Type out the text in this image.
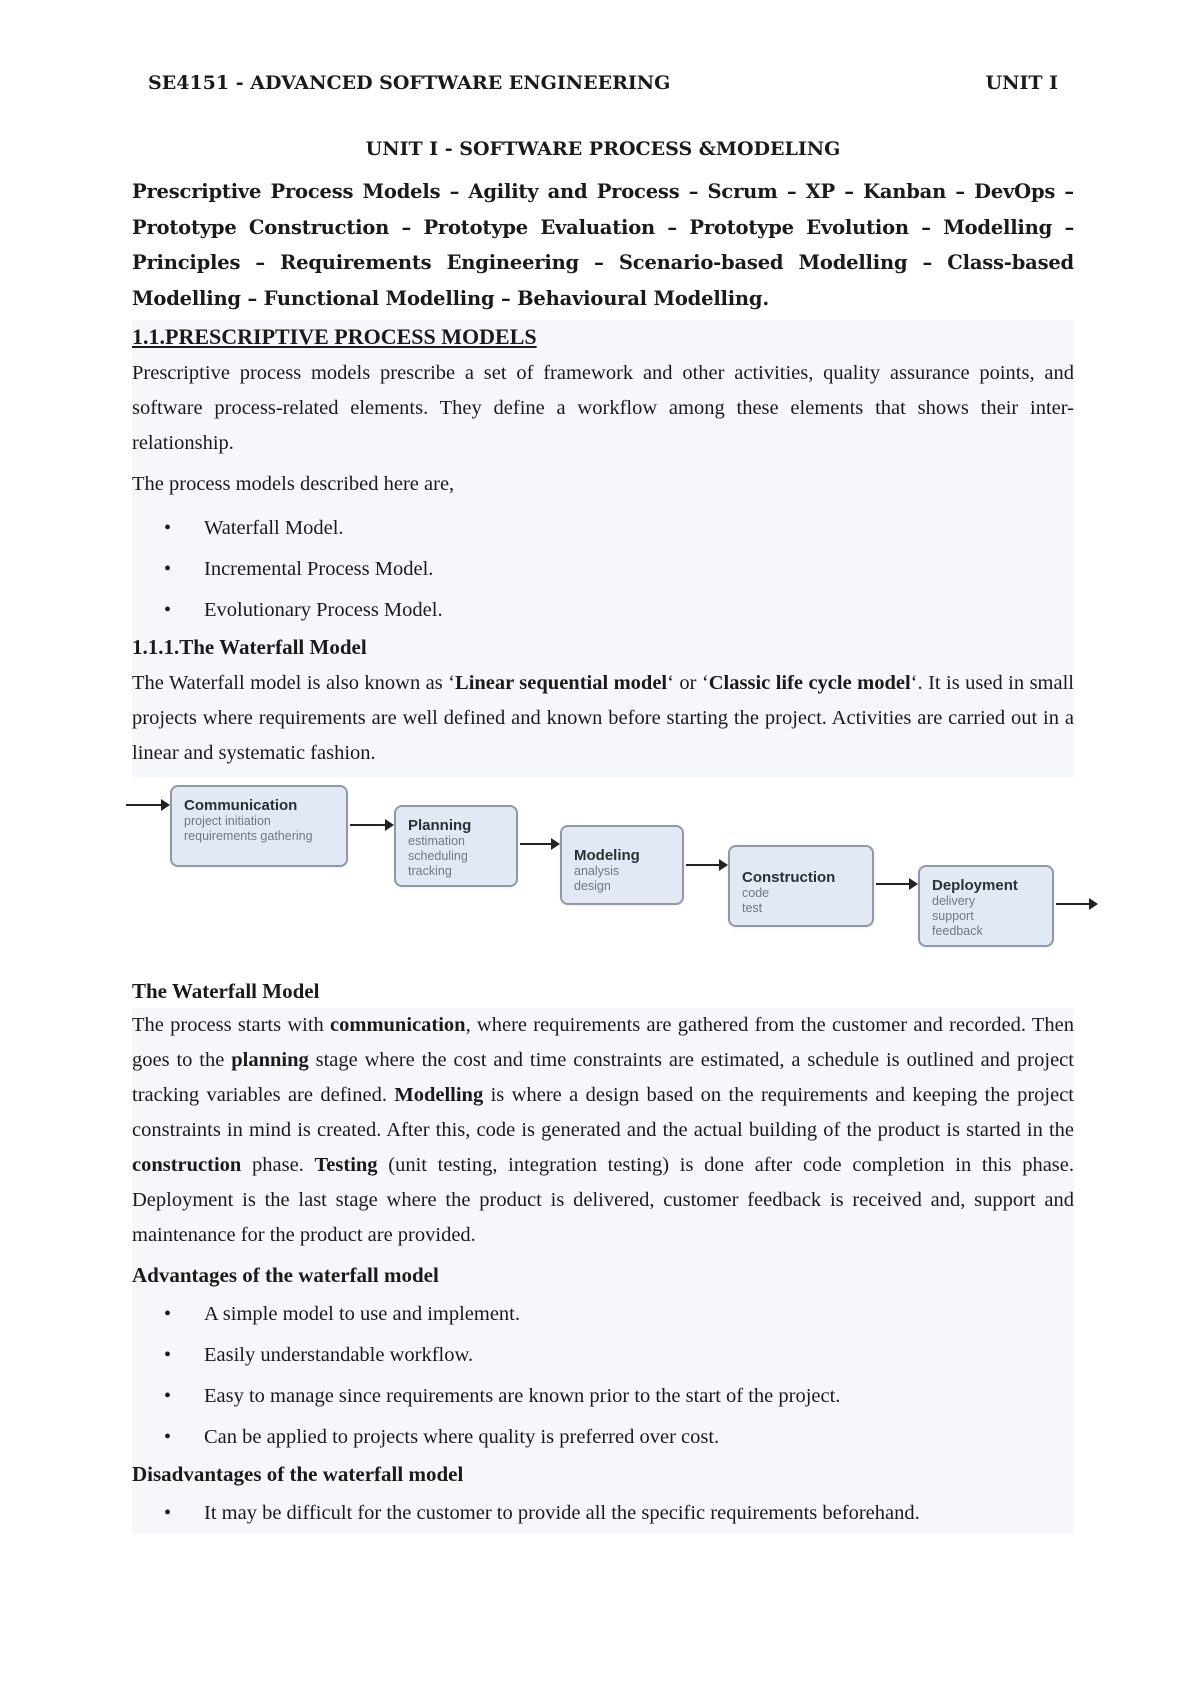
SE4151 - ADVANCED SOFTWARE ENGINEERING	UNIT I
UNIT I - SOFTWARE PROCESS &MODELING
Prescriptive Process Models – Agility and Process – Scrum – XP – Kanban – DevOps – Prototype Construction – Prototype Evaluation – Prototype Evolution – Modelling – Principles – Requirements Engineering – Scenario-based Modelling – Class-based Modelling – Functional Modelling – Behavioural Modelling.
1.1.PRESCRIPTIVE PROCESS MODELS

Prescriptive process models prescribe a set of framework and other activities, quality assurance points, and software process-related elements. They define a workflow among these elements that shows their inter-relationship.

The process models described here are,

• Waterfall Model.
• Incremental Process Model.
• Evolutionary Process Model.
1.1.1.The Waterfall Model

The Waterfall model is also known as ‘Linear sequential model‘ or ‘Classic life cycle model‘. It is used in small projects where requirements are well defined and known before starting the project. Activities are carried out in a linear and systematic fashion.

Communication
project initiation
requirements gathering
Planning
estimation
scheduling
tracking
Modeling
analysis
design	Construction
code
test
Deployment
delivery
support
feedback
The Waterfall Model

The process starts with communication, where requirements are gathered from the customer and recorded. Then goes to the planning stage where the cost and time constraints are estimated, a schedule is outlined and project tracking variables are defined. Modelling is where a design based on the requirements and keeping the project constraints in mind is created. After this, code is generated and the actual building of the product is started in the construction phase. Testing (unit testing, integration testing) is done after code completion in this phase. Deployment is the last stage where the product is delivered, customer feedback is received and, support and maintenance for the product are provided.

Advantages of the waterfall model
• A simple model to use and implement.
• Easily understandable workflow.
• Easy to manage since requirements are known prior to the start of the project.
• Can be applied to projects where quality is preferred over cost.
Disadvantages of the waterfall model
• It may be difficult for the customer to provide all the specific requirements beforehand.
